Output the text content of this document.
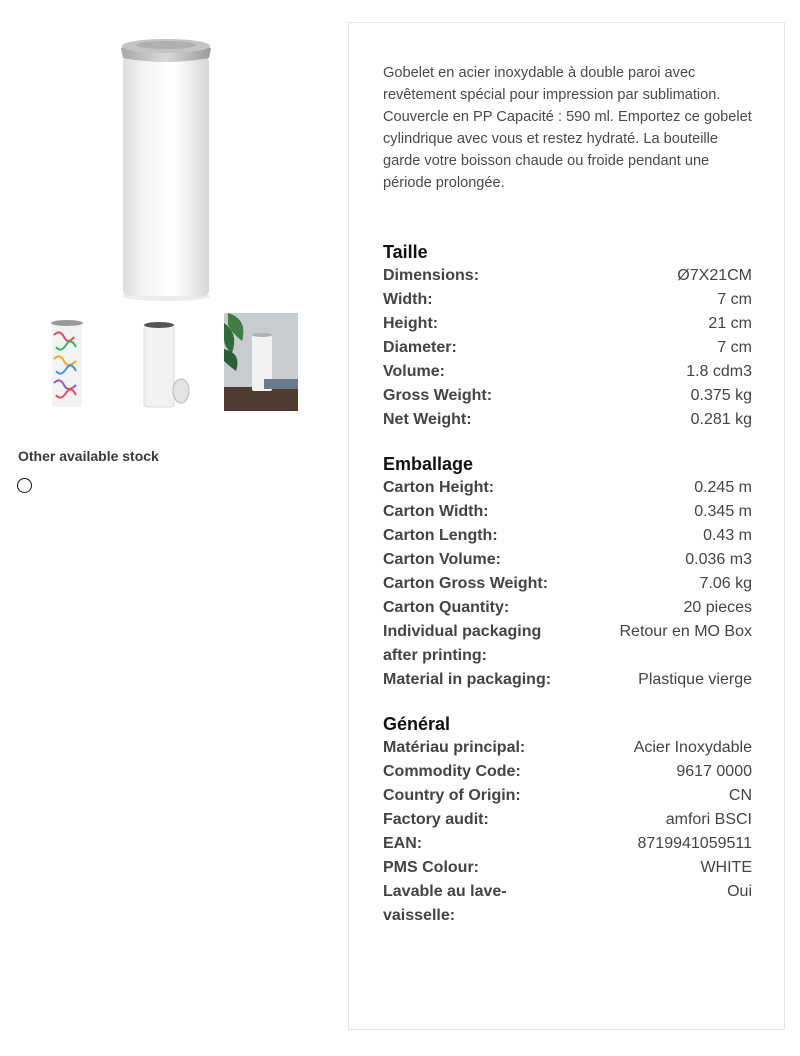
Other available stock

Gobelet en acier inoxydable à double paroi avec revêtement spécial pour impression par sublimation. Couvercle en PP Capacité : 590 ml. Emportez ce gobelet cylindrique avec vous et restez hydraté. La bouteille garde votre boisson chaude ou froide pendant une période prolongée.

Taille
Dimensions:	Ø7X21CM
Width:	7 cm
Height:	21 cm
Diameter:	7 cm
Volume:	1.8 cdm3
Gross Weight:	0.375 kg
Net Weight:	0.281 kg
Emballage
Carton Height:	0.245 m
Carton Width:	0.345 m
Carton Length:	0.43 m
Carton Volume:	0.036 m3
Carton Gross Weight:	7.06 kg
Carton Quantity:	20 pieces
Individual packaging after printing:
Retour en MO Box
Material in packaging:	Plastique vierge
Général
Matériau principal:	Acier Inoxydable
Commodity Code:	9617 0000
Country of Origin:	CN
Factory audit:	amfori BSCI
EAN:	8719941059511
PMS Colour:	WHITE
Lavable au lave-vaisselle:
Oui
